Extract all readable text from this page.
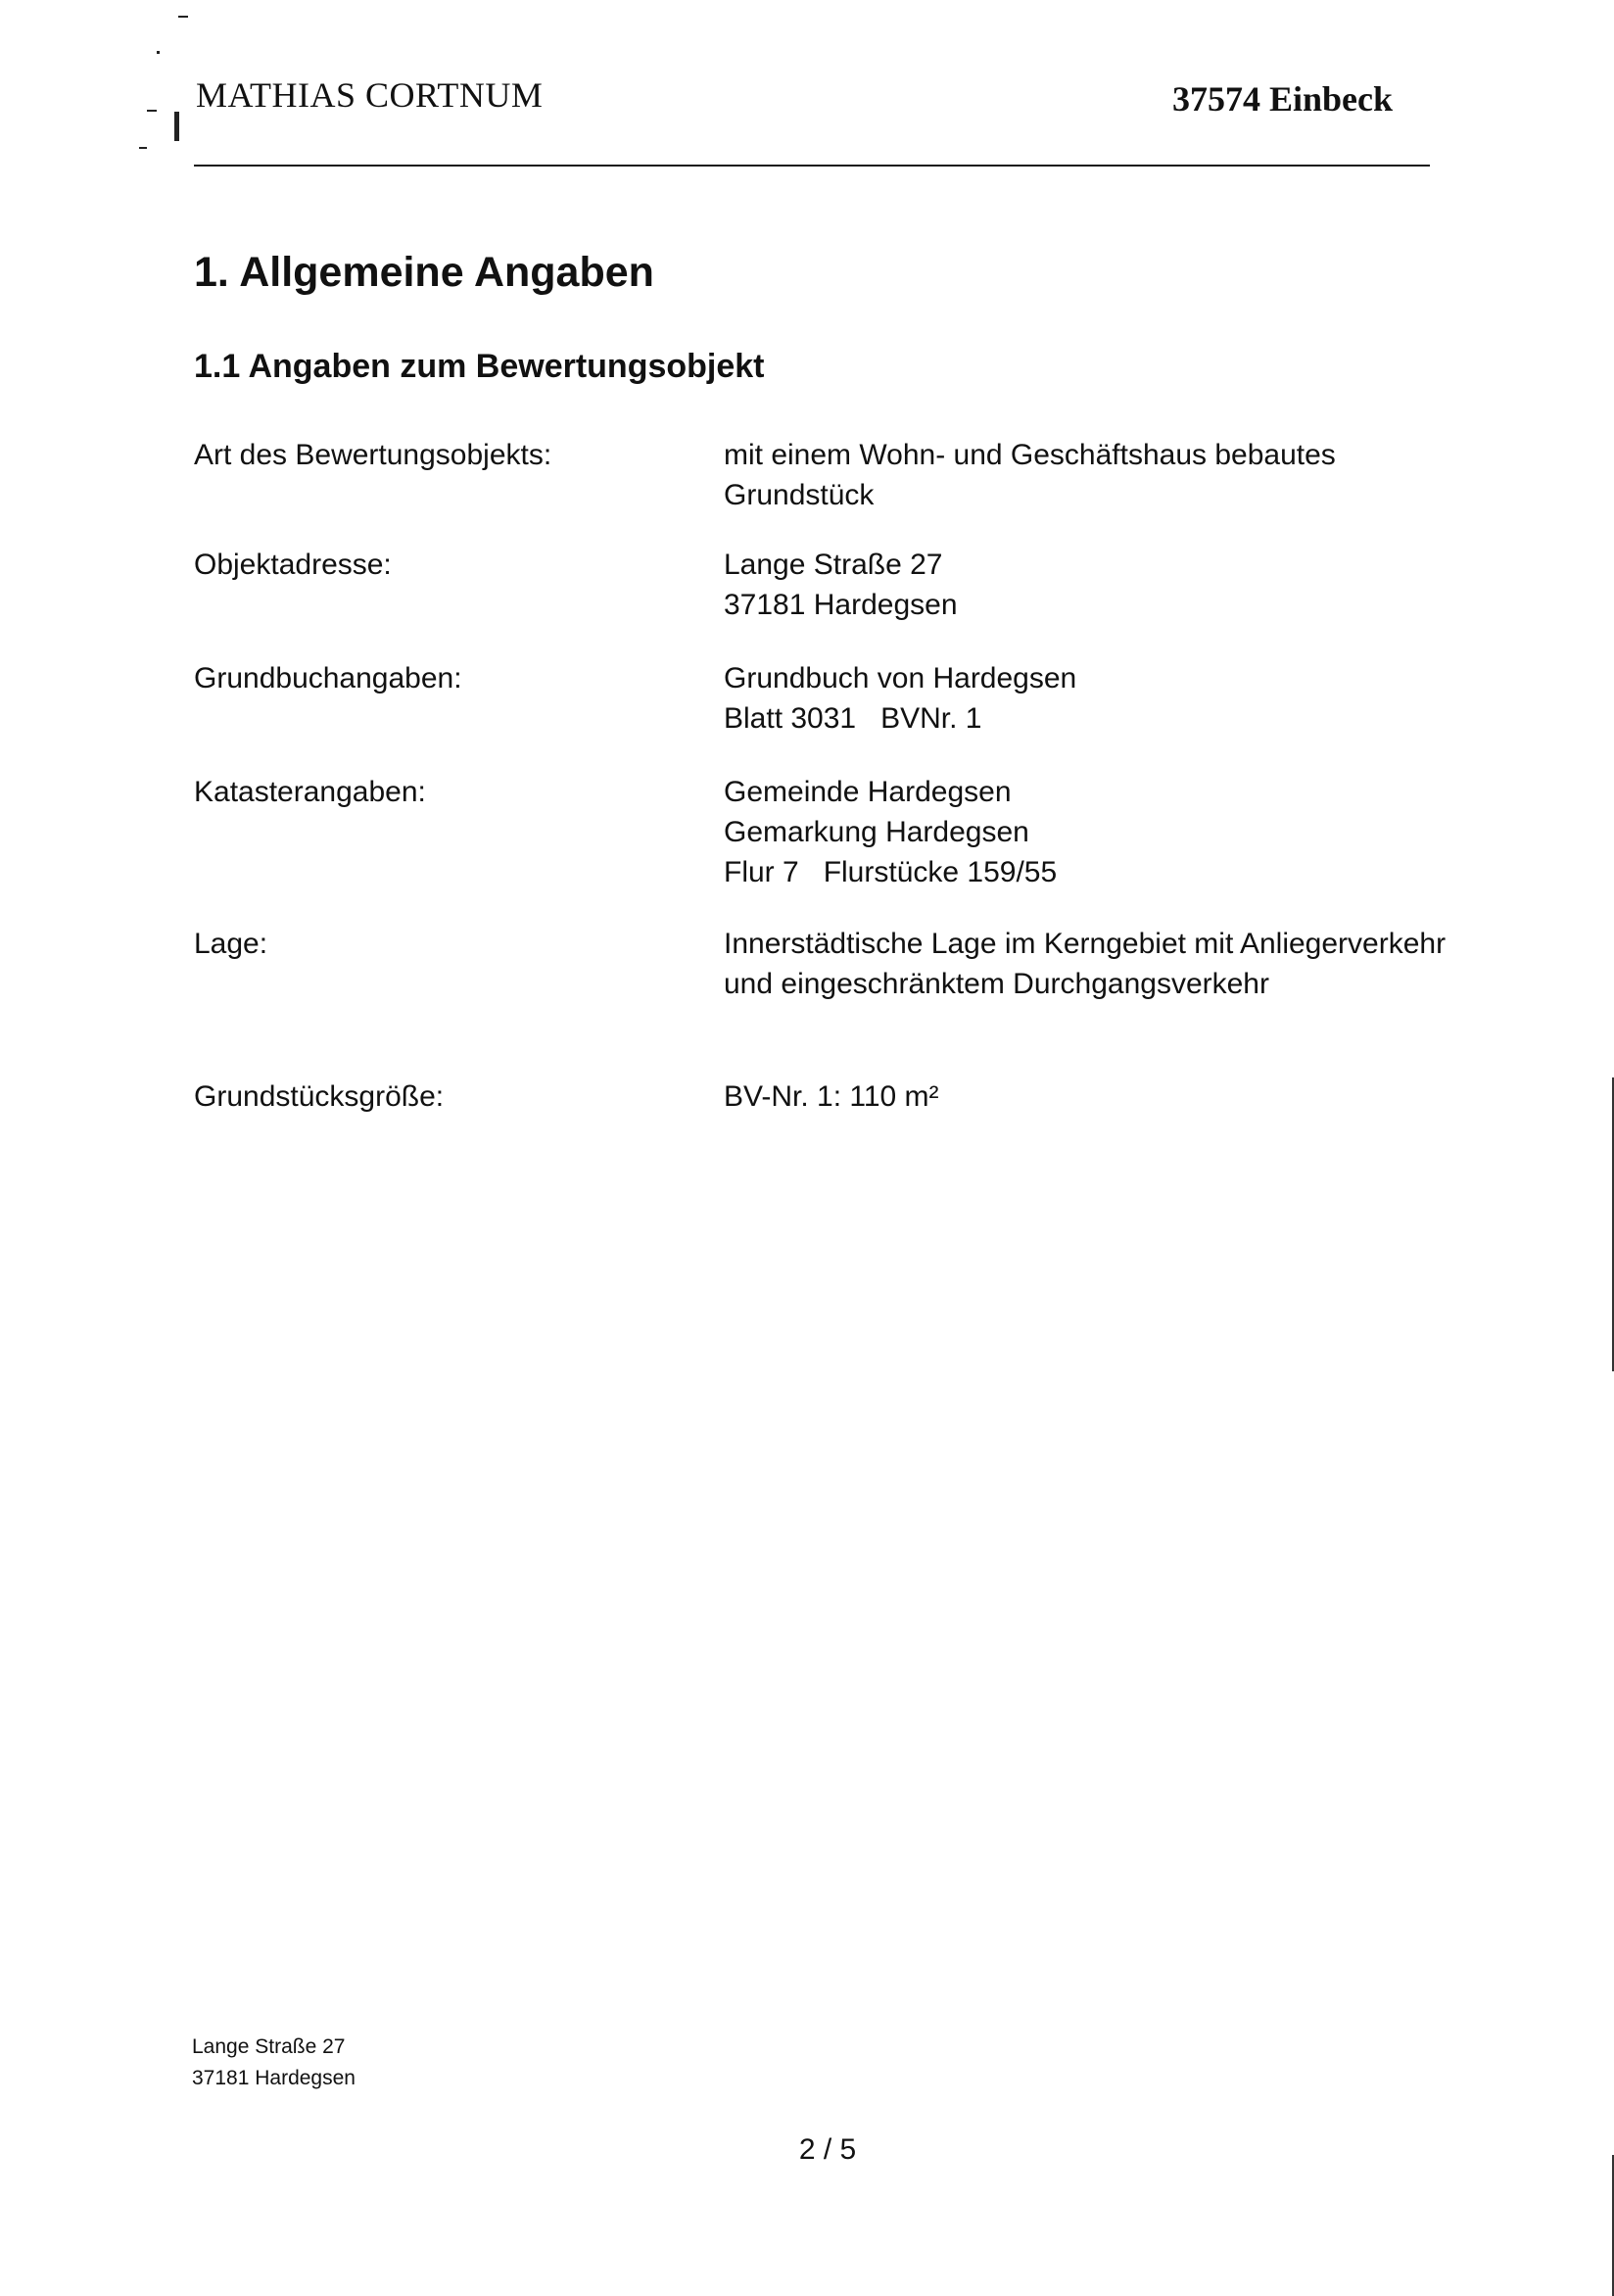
MATHIAS CORTNUM	37574 Einbeck
1. Allgemeine Angaben
1.1 Angaben zum Bewertungsobjekt
Art des Bewertungsobjekts:	mit einem Wohn- und Geschäftshaus bebautes
Grundstück
Objektadresse:	Lange Straße 27
37181 Hardegsen
Grundbuchangaben:	Grundbuch von Hardegsen
Blatt 3031   BVNr. 1
Katasterangaben:	Gemeinde Hardegsen
Gemarkung Hardegsen
Flur 7   Flurstücke 159/55
Lage:	Innerstädtische Lage im Kerngebiet mit Anliegerverkehr
und eingeschränktem Durchgangsverkehr
Grundstücksgröße:	BV-Nr. 1: 110 m²
Lange Straße 27
37181 Hardegsen
2 / 5
